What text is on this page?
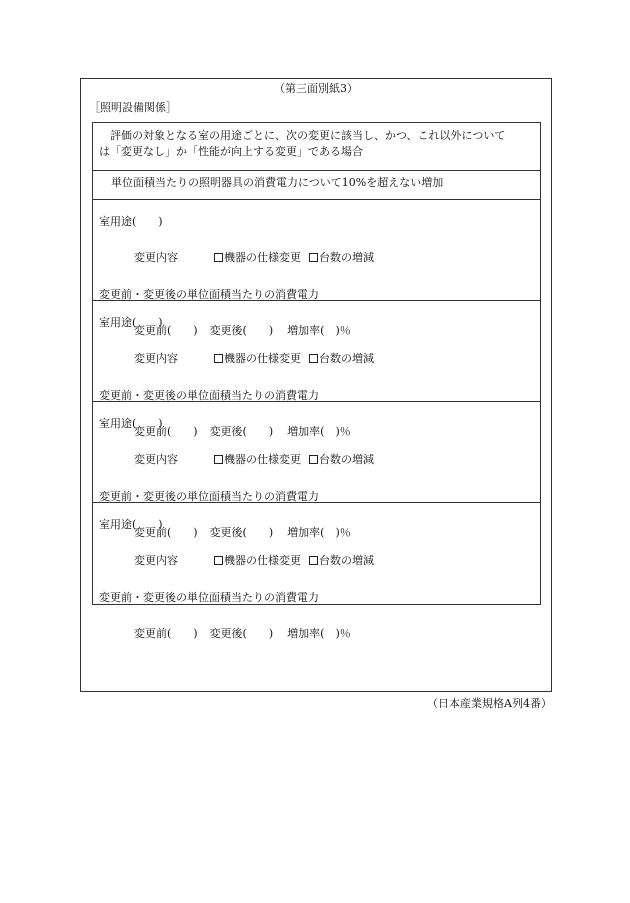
（第三面別紙3）
［照明設備関係］
評価の対象となる室の用途ごとに、次の変更に該当し、かつ、これ以外について
は「変更なし」か「性能が向上する変更」である場合
単位面積当たりの照明器具の消費電力について10%を超えない増加
室用途(　　)

変更内容	機器の仕様変更 台数の増減

変更前・変更後の単位面積当たりの消費電力

変更前(　　) 変更後(　　) 増加率(　)％

室用途(　　)

変更内容	機器の仕様変更 台数の増減

変更前・変更後の単位面積当たりの消費電力

変更前(　　) 変更後(　　) 増加率(　)％

室用途(　　)

変更内容	機器の仕様変更 台数の増減

変更前・変更後の単位面積当たりの消費電力

変更前(　　) 変更後(　　) 増加率(　)％

室用途(　　)

変更内容	機器の仕様変更 台数の増減

変更前・変更後の単位面積当たりの消費電力

変更前(　　) 変更後(　　) 増加率(　)％

（日本産業規格A列4番）
